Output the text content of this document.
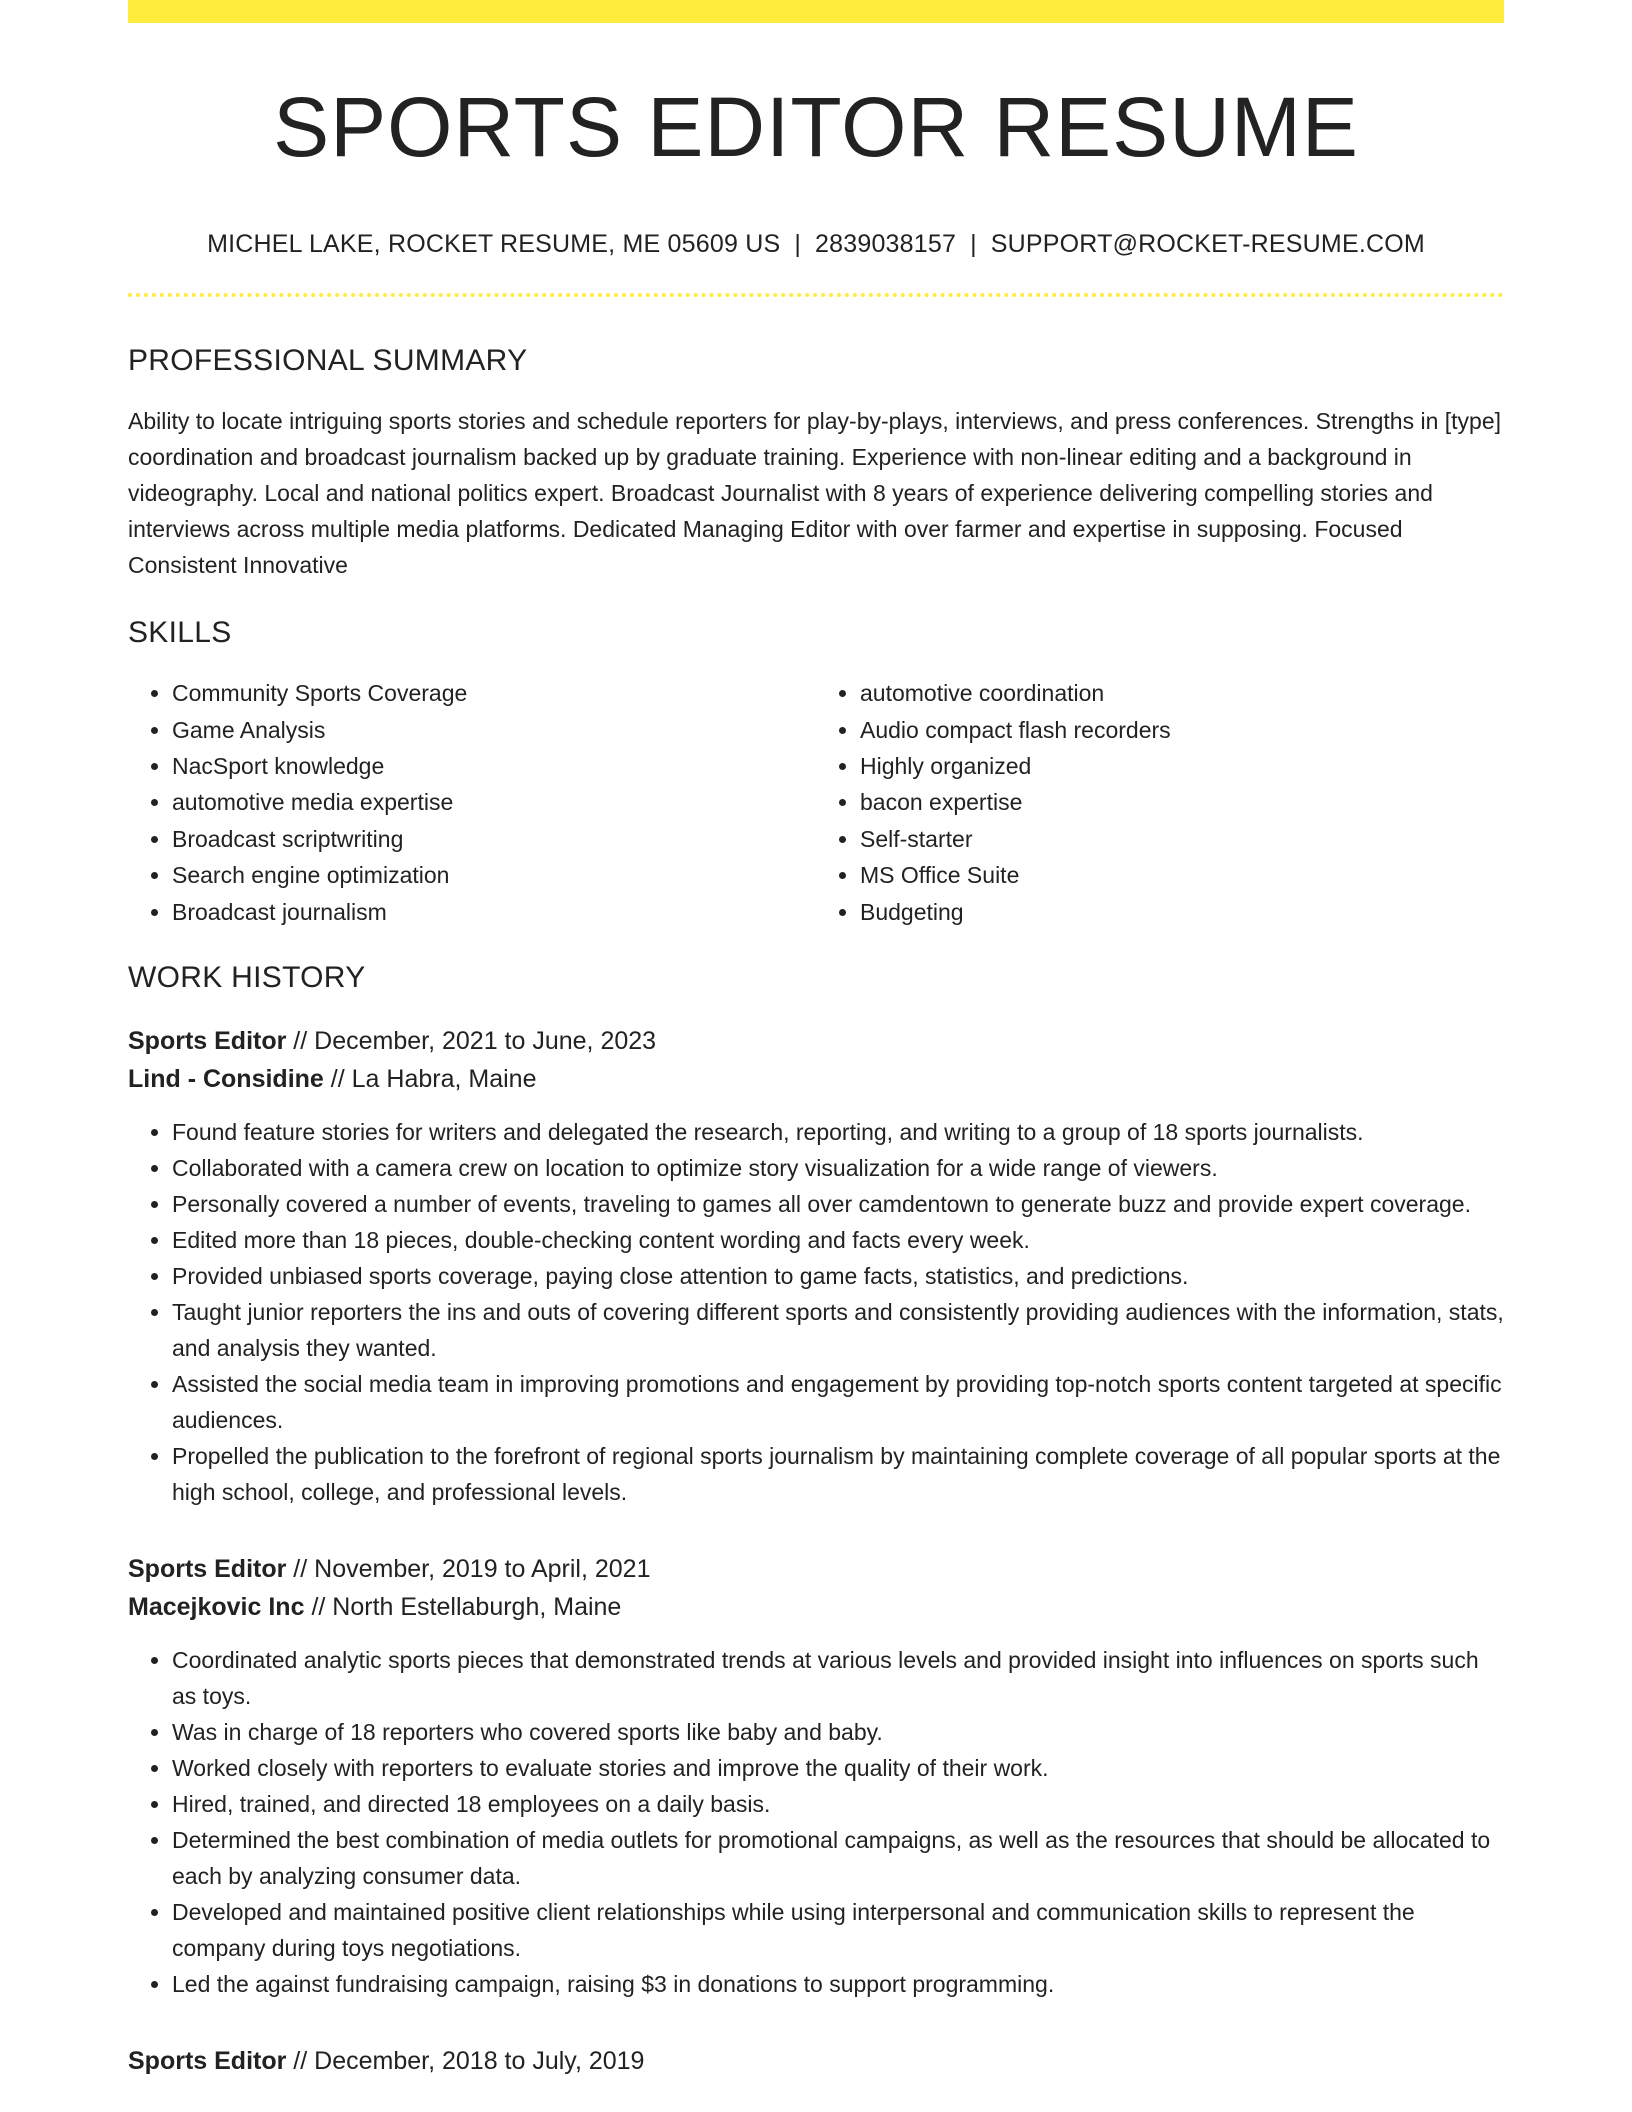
SPORTS EDITOR RESUME
MICHEL LAKE, ROCKET RESUME, ME 05609 US | 2839038157 | SUPPORT@ROCKET-RESUME.COM
PROFESSIONAL SUMMARY

Ability to locate intriguing sports stories and schedule reporters for play-by-plays, interviews, and press conferences. Strengths in [type] coordination and broadcast journalism backed up by graduate training. Experience with non-linear editing and a background in videography. Local and national politics expert. Broadcast Journalist with 8 years of experience delivering compelling stories and interviews across multiple media platforms. Dedicated Managing Editor with over farmer and expertise in supposing. Focused Consistent Innovative

SKILLS
• Community Sports Coverage
• Game Analysis
• NacSport knowledge
• automotive media expertise
• Broadcast scriptwriting
• Search engine optimization
• Broadcast journalism
• automotive coordination
• Audio compact flash recorders
• Highly organized
• bacon expertise
• Self-starter
• MS Office Suite
• Budgeting
WORK HISTORY

Sports Editor // December, 2021 to June, 2023

Lind - Considine // La Habra, Maine

• Found feature stories for writers and delegated the research, reporting, and writing to a group of 18 sports journalists.
• Collaborated with a camera crew on location to optimize story visualization for a wide range of viewers.
• Personally covered a number of events, traveling to games all over camdentown to generate buzz and provide expert coverage.
• Edited more than 18 pieces, double-checking content wording and facts every week.
• Provided unbiased sports coverage, paying close attention to game facts, statistics, and predictions.
• Taught junior reporters the ins and outs of covering different sports and consistently providing audiences with the information, stats, and analysis they wanted.
• Assisted the social media team in improving promotions and engagement by providing top-notch sports content targeted at specific audiences.
• Propelled the publication to the forefront of regional sports journalism by maintaining complete coverage of all popular sports at the high school, college, and professional levels.

Sports Editor // November, 2019 to April, 2021

Macejkovic Inc // North Estellaburgh, Maine

• Coordinated analytic sports pieces that demonstrated trends at various levels and provided insight into influences on sports such as toys.
• Was in charge of 18 reporters who covered sports like baby and baby.
• Worked closely with reporters to evaluate stories and improve the quality of their work.
• Hired, trained, and directed 18 employees on a daily basis.
• Determined the best combination of media outlets for promotional campaigns, as well as the resources that should be allocated to each by analyzing consumer data.
• Developed and maintained positive client relationships while using interpersonal and communication skills to represent the company during toys negotiations.
• Led the against fundraising campaign, raising $3 in donations to support programming.

Sports Editor // December, 2018 to July, 2019
